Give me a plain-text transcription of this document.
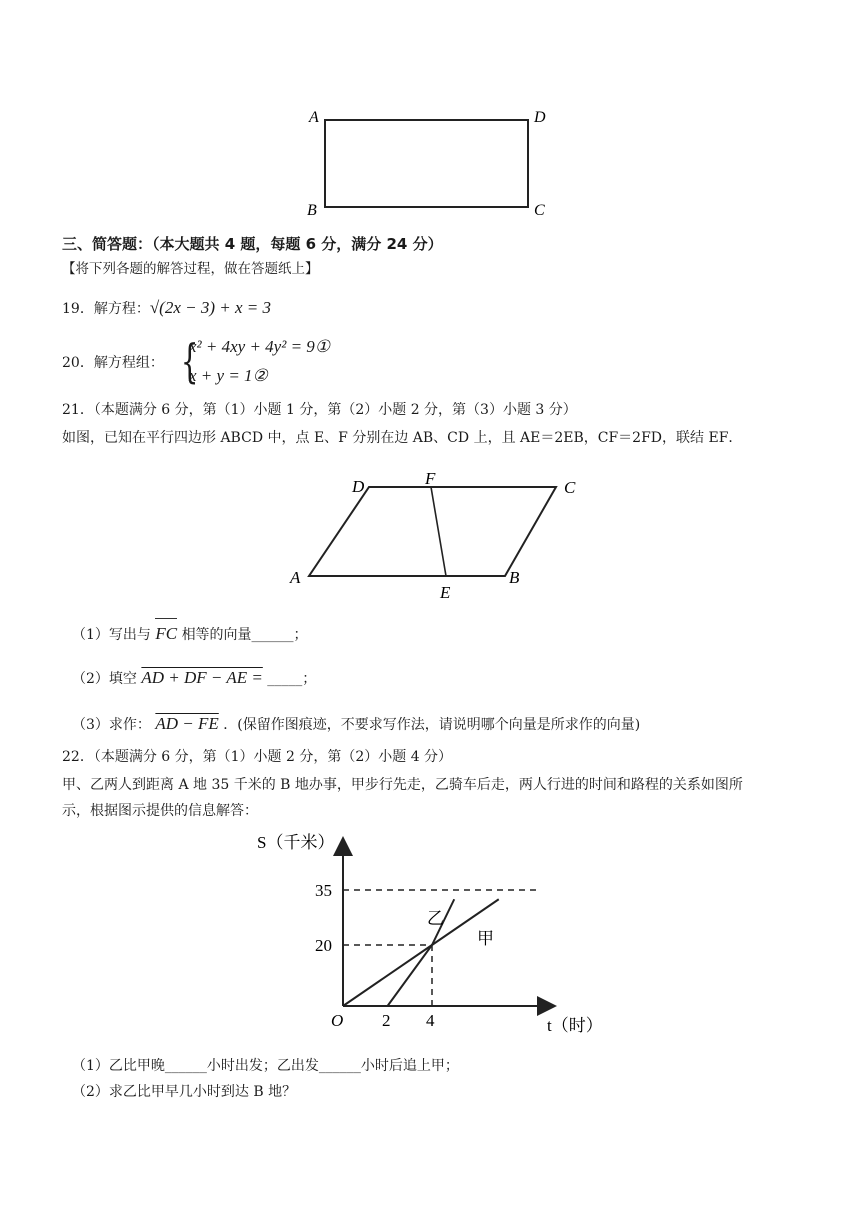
A	D
B	C
三、简答题：（本大题共 4 题，每题 6 分，满分 24 分）
【将下列各题的解答过程，做在答题纸上】
19．解方程：√(2x − 3) + x = 3
20．解方程组： {
x² + 4xy + 4y² = 9①
x + y = 1②
21．（本题满分 6 分，第（1）小题 1 分，第（2）小题 2 分，第（3）小题 3 分）
如图，已知在平行四边形 ABCD 中，点 E、F 分别在边 AB、CD 上，且 AE＝2EB，CF＝2FD，联结 EF．
D	F	C
A
E
B
（1）写出与 FC 相等的向量______；
（2）填空 AD + DF − AE = _____；
（3）求作： AD − FE ．(保留作图痕迹，不要求写作法，请说明哪个向量是所求作的向量)
22．（本题满分 6 分，第（1）小题 2 分，第（2）小题 4 分）
甲、乙两人到距离 A 地 35 千米的 B 地办事，甲步行先走，乙骑车后走，两人行进的时间和路程的关系如图所
示，根据图示提供的信息解答：
S（千米）
t（时）
O
35
20
2 4
乙
甲
（1）乙比甲晚______小时出发；乙出发______小时后追上甲；
（2）求乙比甲早几小时到达 B 地？
